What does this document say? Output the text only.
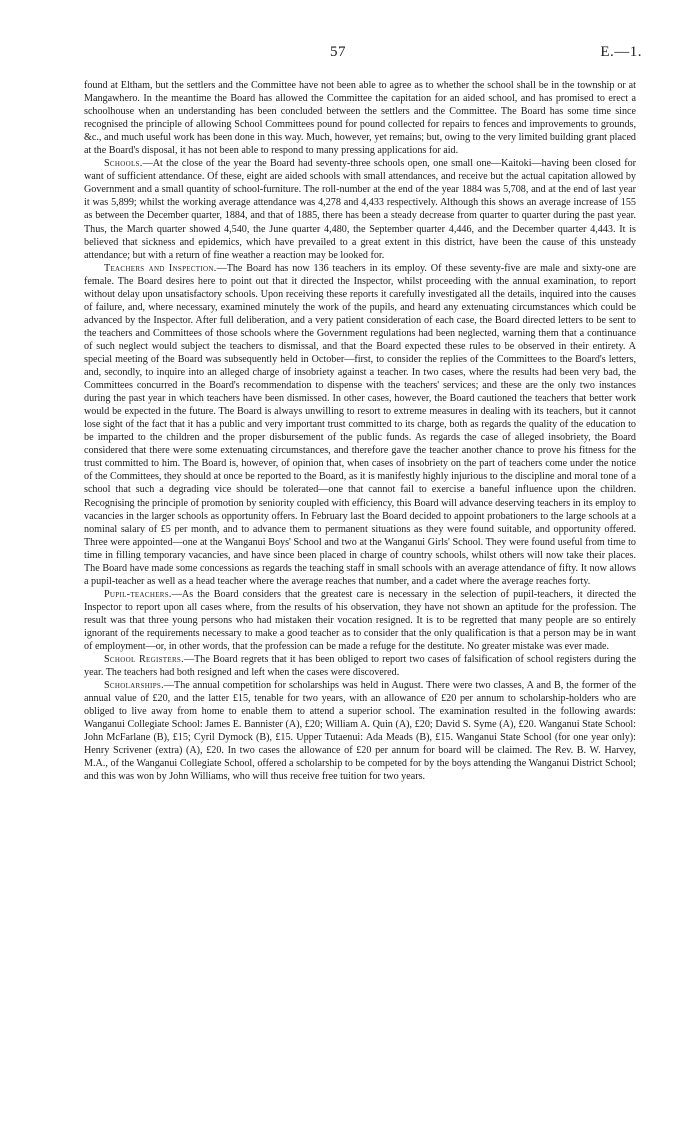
57	E.—1.

found at Eltham, but the settlers and the Committee have not been able to agree as to whether the school shall be in the township or at Mangawhero. In the meantime the Board has allowed the Committee the capitation for an aided school, and has promised to erect a schoolhouse when an understanding has been concluded between the settlers and the Committee. The Board has some time since recognised the principle of allowing School Committees pound for pound collected for repairs to fences and improvements to grounds, &c., and much useful work has been done in this way. Much, however, yet remains; but, owing to the very limited building grant placed at the Board's disposal, it has not been able to respond to many pressing applications for aid.

Schools.—At the close of the year the Board had seventy-three schools open, one small one—Kaitoki—having been closed for want of sufficient attendance. Of these, eight are aided schools with small attendances, and receive but the actual capitation allowed by Government and a small quantity of school-furniture. The roll-number at the end of the year 1884 was 5,708, and at the end of last year it was 5,899; whilst the working average attendance was 4,278 and 4,433 respectively. Although this shows an average increase of 155 as between the December quarter, 1884, and that of 1885, there has been a steady decrease from quarter to quarter during the past year. Thus, the March quarter showed 4,540, the June quarter 4,480, the September quarter 4,446, and the December quarter 4,443. It is believed that sickness and epidemics, which have prevailed to a great extent in this district, have been the cause of this unsteady attendance; but with a return of fine weather a reaction may be looked for.

Teachers and Inspection.—The Board has now 136 teachers in its employ. Of these seventy-five are male and sixty-one are female. The Board desires here to point out that it directed the Inspector, whilst proceeding with the annual examination, to report without delay upon unsatisfactory schools. Upon receiving these reports it carefully investigated all the details, inquired into the causes of failure, and, where necessary, examined minutely the work of the pupils, and heard any extenuating circumstances which could be advanced by the Inspector. After full deliberation, and a very patient consideration of each case, the Board directed letters to be sent to the teachers and Committees of those schools where the Government regulations had been neglected, warning them that a continuance of such neglect would subject the teachers to dismissal, and that the Board expected these rules to be observed in their entirety. A special meeting of the Board was subsequently held in October—first, to consider the replies of the Committees to the Board's letters, and, secondly, to inquire into an alleged charge of insobriety against a teacher. In two cases, where the results had been very bad, the Committees concurred in the Board's recommendation to dispense with the teachers' services; and these are the only two instances during the past year in which teachers have been dismissed. In other cases, however, the Board cautioned the teachers that better work would be expected in the future. The Board is always unwilling to resort to extreme measures in dealing with its teachers, but it cannot lose sight of the fact that it has a public and very important trust committed to its charge, both as regards the quality of the education to be imparted to the children and the proper disbursement of the public funds. As regards the case of alleged insobriety, the Board considered that there were some extenuating circumstances, and therefore gave the teacher another chance to prove his fitness for the trust committed to him. The Board is, however, of opinion that, when cases of insobriety on the part of teachers come under the notice of the Committees, they should at once be reported to the Board, as it is manifestly highly injurious to the discipline and moral tone of a school that such a degrading vice should be tolerated—one that cannot fail to exercise a baneful influence upon the children. Recognising the principle of promotion by seniority coupled with efficiency, this Board will advance deserving teachers in its employ to vacancies in the larger schools as opportunity offers. In February last the Board decided to appoint probationers to the large schools at a nominal salary of £5 per month, and to advance them to permanent situations as they were found suitable, and opportunity offered. Three were appointed—one at the Wanganui Boys' School and two at the Wanganui Girls' School. They were found useful from time to time in filling temporary vacancies, and have since been placed in charge of country schools, whilst others will now take their places. The Board have made some concessions as regards the teaching staff in small schools with an average attendance of fifty. It now allows a pupil-teacher as well as a head teacher where the average reaches that number, and a cadet where the average reaches forty.

Pupil-teachers.—As the Board considers that the greatest care is necessary in the selection of pupil-teachers, it directed the Inspector to report upon all cases where, from the results of his observation, they have not shown an aptitude for the profession. The result was that three young persons who had mistaken their vocation resigned. It is to be regretted that many people are so entirely ignorant of the requirements necessary to make a good teacher as to consider that the only qualification is that a person may be in want of employment—or, in other words, that the profession can be made a refuge for the destitute. No greater mistake was ever made.

School Registers.—The Board regrets that it has been obliged to report two cases of falsification of school registers during the year. The teachers had both resigned and left when the cases were discovered.

Scholarships.—The annual competition for scholarships was held in August. There were two classes, A and B, the former of the annual value of £20, and the latter £15, tenable for two years, with an allowance of £20 per annum to scholarship-holders who are obliged to live away from home to enable them to attend a superior school. The examination resulted in the following awards: Wanganui Collegiate School: James E. Bannister (A), £20; William A. Quin (A), £20; David S. Syme (A), £20. Wanganui State School: John McFarlane (B), £15; Cyril Dymock (B), £15. Upper Tutaenui: Ada Meads (B), £15. Wanganui State School (for one year only): Henry Scrivener (extra) (A), £20. In two cases the allowance of £20 per annum for board will be claimed. The Rev. B. W. Harvey, M.A., of the Wanganui Collegiate School, offered a scholarship to be competed for by the boys attending the Wanganui District School; and this was won by John Williams, who will thus receive free tuition for two years.
